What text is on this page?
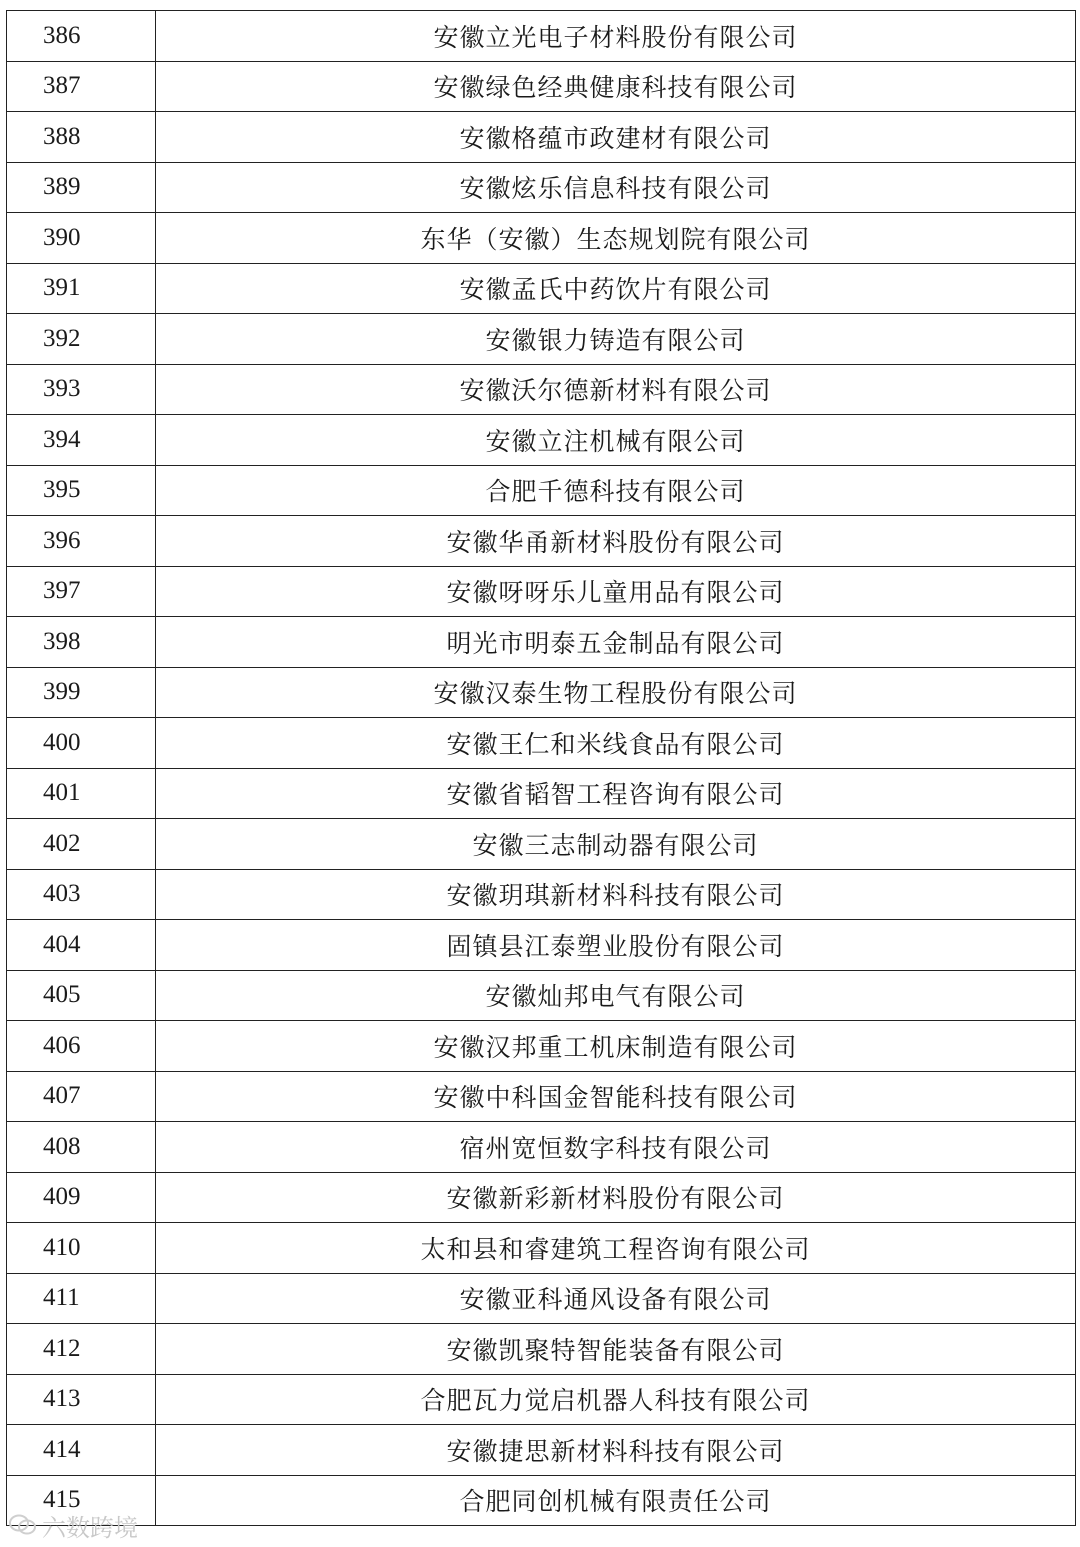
386	安徽立光电子材料股份有限公司
387	安徽绿色经典健康科技有限公司
388	安徽格蕴市政建材有限公司
389	安徽炫乐信息科技有限公司
390	东华（安徽）生态规划院有限公司
391	安徽孟氏中药饮片有限公司
392	安徽银力铸造有限公司
393	安徽沃尔德新材料有限公司
394	安徽立注机械有限公司
395	合肥千德科技有限公司
396	安徽华甬新材料股份有限公司
397	安徽呀呀乐儿童用品有限公司
398	明光市明泰五金制品有限公司
399	安徽汉泰生物工程股份有限公司
400	安徽王仁和米线食品有限公司
401	安徽省韬智工程咨询有限公司
402	安徽三志制动器有限公司
403	安徽玥琪新材料科技有限公司
404	固镇县江泰塑业股份有限公司
405	安徽灿邦电气有限公司
406	安徽汉邦重工机床制造有限公司
407	安徽中科国金智能科技有限公司
408	宿州宽恒数字科技有限公司
409	安徽新彩新材料股份有限公司
410	太和县和睿建筑工程咨询有限公司
411	安徽亚科通风设备有限公司
412	安徽凯聚特智能装备有限公司
413	合肥瓦力觉启机器人科技有限公司
414	安徽捷思新材料科技有限公司
415	合肥同创机械有限责任公司
六数跨境
